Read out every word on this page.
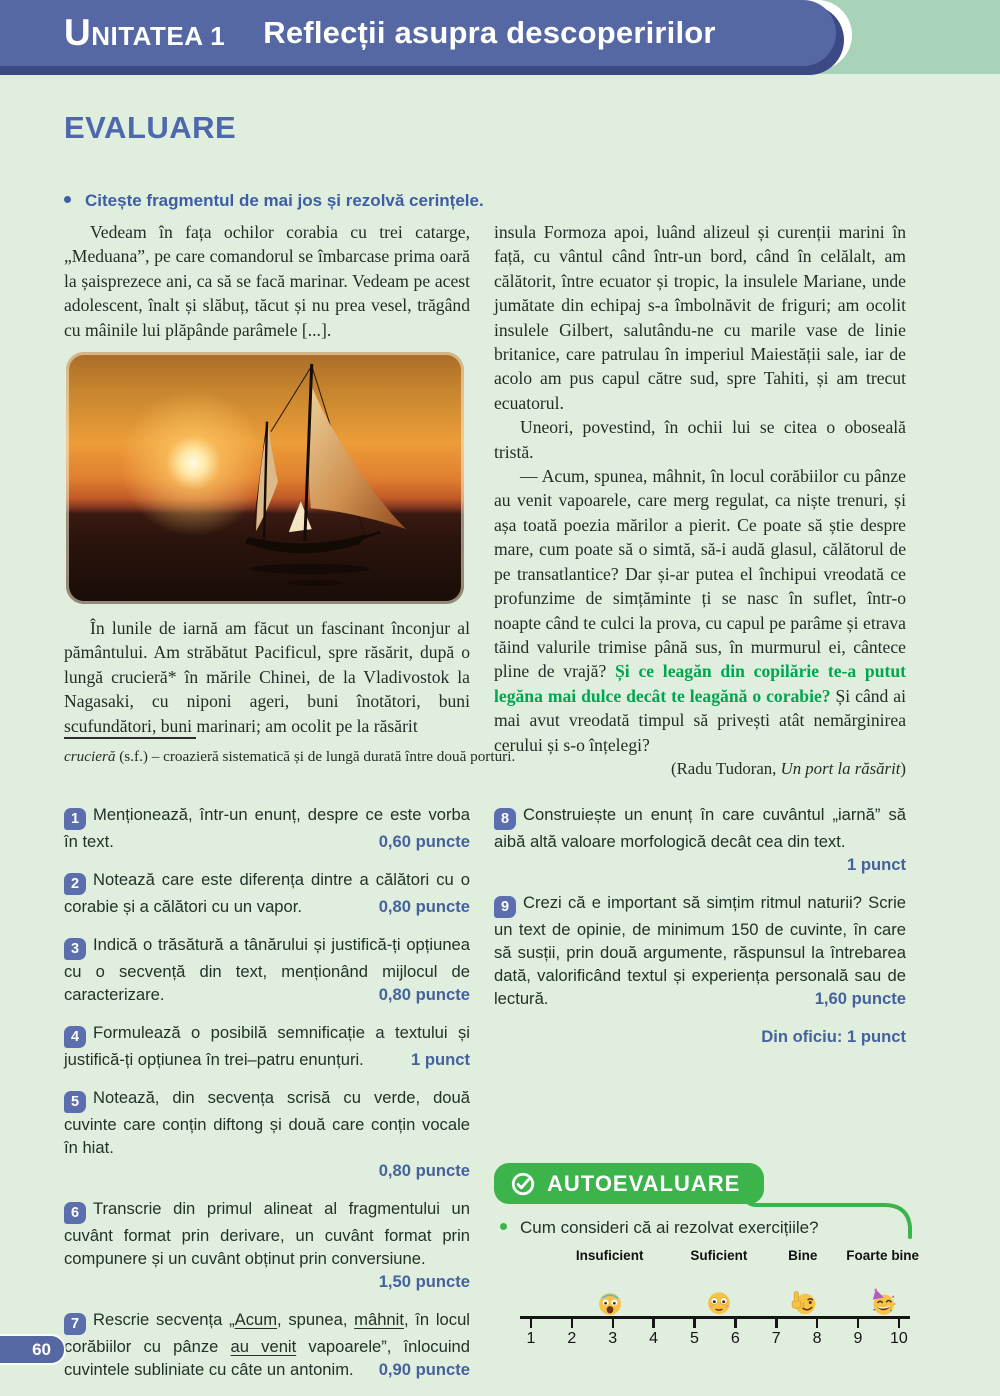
UNITATEA 1 Reflecții asupra descoperirilor
EVALUARE
Citește fragmentul de mai jos și rezolvă cerințele.

Vedeam în fața ochilor corabia cu trei catarge, „Meduana”, pe care comandorul se îmbarcase prima oară la șaisprezece ani, ca să se facă marinar. Vedeam pe acest adolescent, înalt și slăbuț, tăcut și nu prea vesel, trăgând cu mâinile lui plăpânde parâmele [...].

În lunile de iarnă am făcut un fascinant înconjur al pământului. Am străbătut Pacificul, spre răsărit, după o lungă crucieră* în mările Chinei, de la Vladivostok la Nagasaki, cu niponi ageri, buni înotători, buni scufundători, buni marinari; am ocolit pe la răsărit

insula Formoza apoi, luând alizeul și curenții marini în față, cu vântul când într-un bord, când în celălalt, am călătorit, între ecuator și tropic, la insulele Mariane, unde jumătate din echipaj s-a îmbolnăvit de friguri; am ocolit insulele Gilbert, salutându-ne cu marile vase de linie britanice, care patrulau în imperiul Maiestății sale, iar de acolo am pus capul către sud, spre Tahiti, și am trecut ecuatorul.

Uneori, povestind, în ochii lui se citea o oboseală tristă.

— Acum, spunea, mâhnit, în locul corăbiilor cu pânze au venit vapoarele, care merg regulat, ca niște trenuri, și așa toată poezia mărilor a pierit. Ce poate să știe despre mare, cum poate să o simtă, să-i audă glasul, călătorul de pe transatlantice? Dar și-ar putea el închipui vreodată ce profunzime de simțăminte ți se nasc în suflet, într-o noapte când te culci la prova, cu capul pe parâme și etrava tăind valurile trimise până sus, în murmurul ei, cântece pline de vrajă? Și ce leagăn din copilărie te-a putut legăna mai dulce decât te leagănă o corabie? Și când ai mai avut vreodată timpul să privești atât nemărginirea cerului și s-o înțelegi?

(Radu Tudoran, Un port la răsărit)

crucieră (s.f.) – croazieră sistematică și de lungă durată între două porturi.
1 Menționează, într-un enunț, despre ce este vorba în text.	0,60 puncte
2 Notează care este diferența dintre a călători cu o corabie și a călători cu un vapor.	0,80 puncte
3 Indică o trăsătură a tânărului și justifică-ți opțiunea cu o secvență din text, menționând mijlocul de caracterizare.	0,80 puncte
4 Formulează o posibilă semnificație a textului și justifică-ți opțiunea în trei–patru enunțuri.	1 punct
5 Notează, din secvența scrisă cu verde, două cuvinte care conțin diftong și două care conțin vocale în hiat.
0,80 puncte
6 Transcrie din primul alineat al fragmentului un cuvânt format prin derivare, un cuvânt format prin compunere și un cuvânt obținut prin conversiune.
1,50 puncte
7 Rescrie secvența „Acum, spunea, mâhnit, în locul corăbiilor cu pânze au venit vapoarele”, înlocuind cuvintele subliniate cu câte un antonim. 0,90 puncte
8 Construiește un enunț în care cuvântul „iarnă” să aibă altă valoare morfologică decât cea din text.
1 punct
9 Crezi că e important să simțim ritmul naturii? Scrie un text de opinie, de minimum 150 de cuvinte, în care să susții, prin două argumente, răspunsul la întrebarea dată, valorificând textul și experiența personală sau de lectură.	1,60 puncte
Din oficiu: 1 punct
AUTOEVALUARE
Cum consideri că ai rezolvat exercițiile?
Insuficient	Suficient	Bine Foarte bine
1 2 3 4 5 6 7 8 9 10
60
